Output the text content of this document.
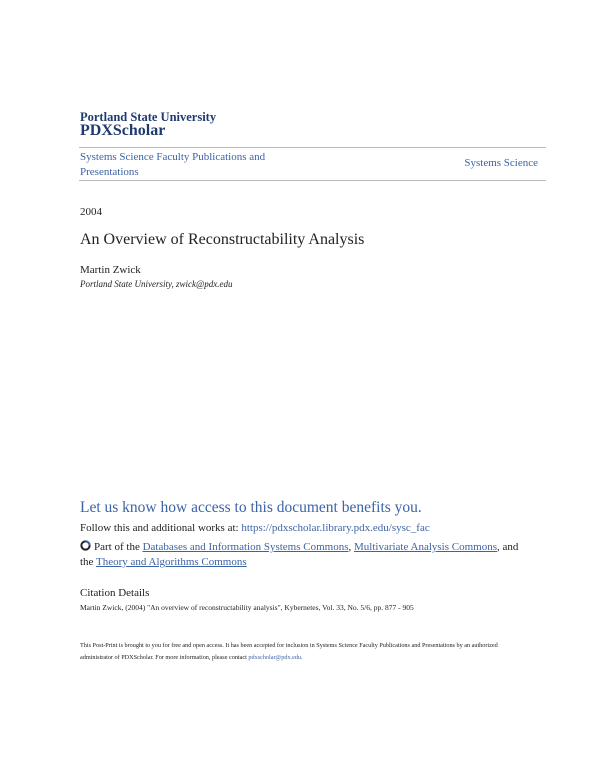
Portland State University
PDXScholar
Systems Science Faculty Publications and Presentations
Systems Science
2004
An Overview of Reconstructability Analysis
Martin Zwick
Portland State University, zwick@pdx.edu
Let us know how access to this document benefits you.
Follow this and additional works at: https://pdxscholar.library.pdx.edu/sysc_fac
Part of the Databases and Information Systems Commons, Multivariate Analysis Commons, and the Theory and Algorithms Commons
Citation Details
Martin Zwick, (2004) "An overview of reconstructability analysis", Kybernetes, Vol. 33, No. 5/6, pp. 877 - 905
This Post-Print is brought to you for free and open access. It has been accepted for inclusion in Systems Science Faculty Publications and Presentations by an authorized administrator of PDXScholar. For more information, please contact pdxscholar@pdx.edu.
